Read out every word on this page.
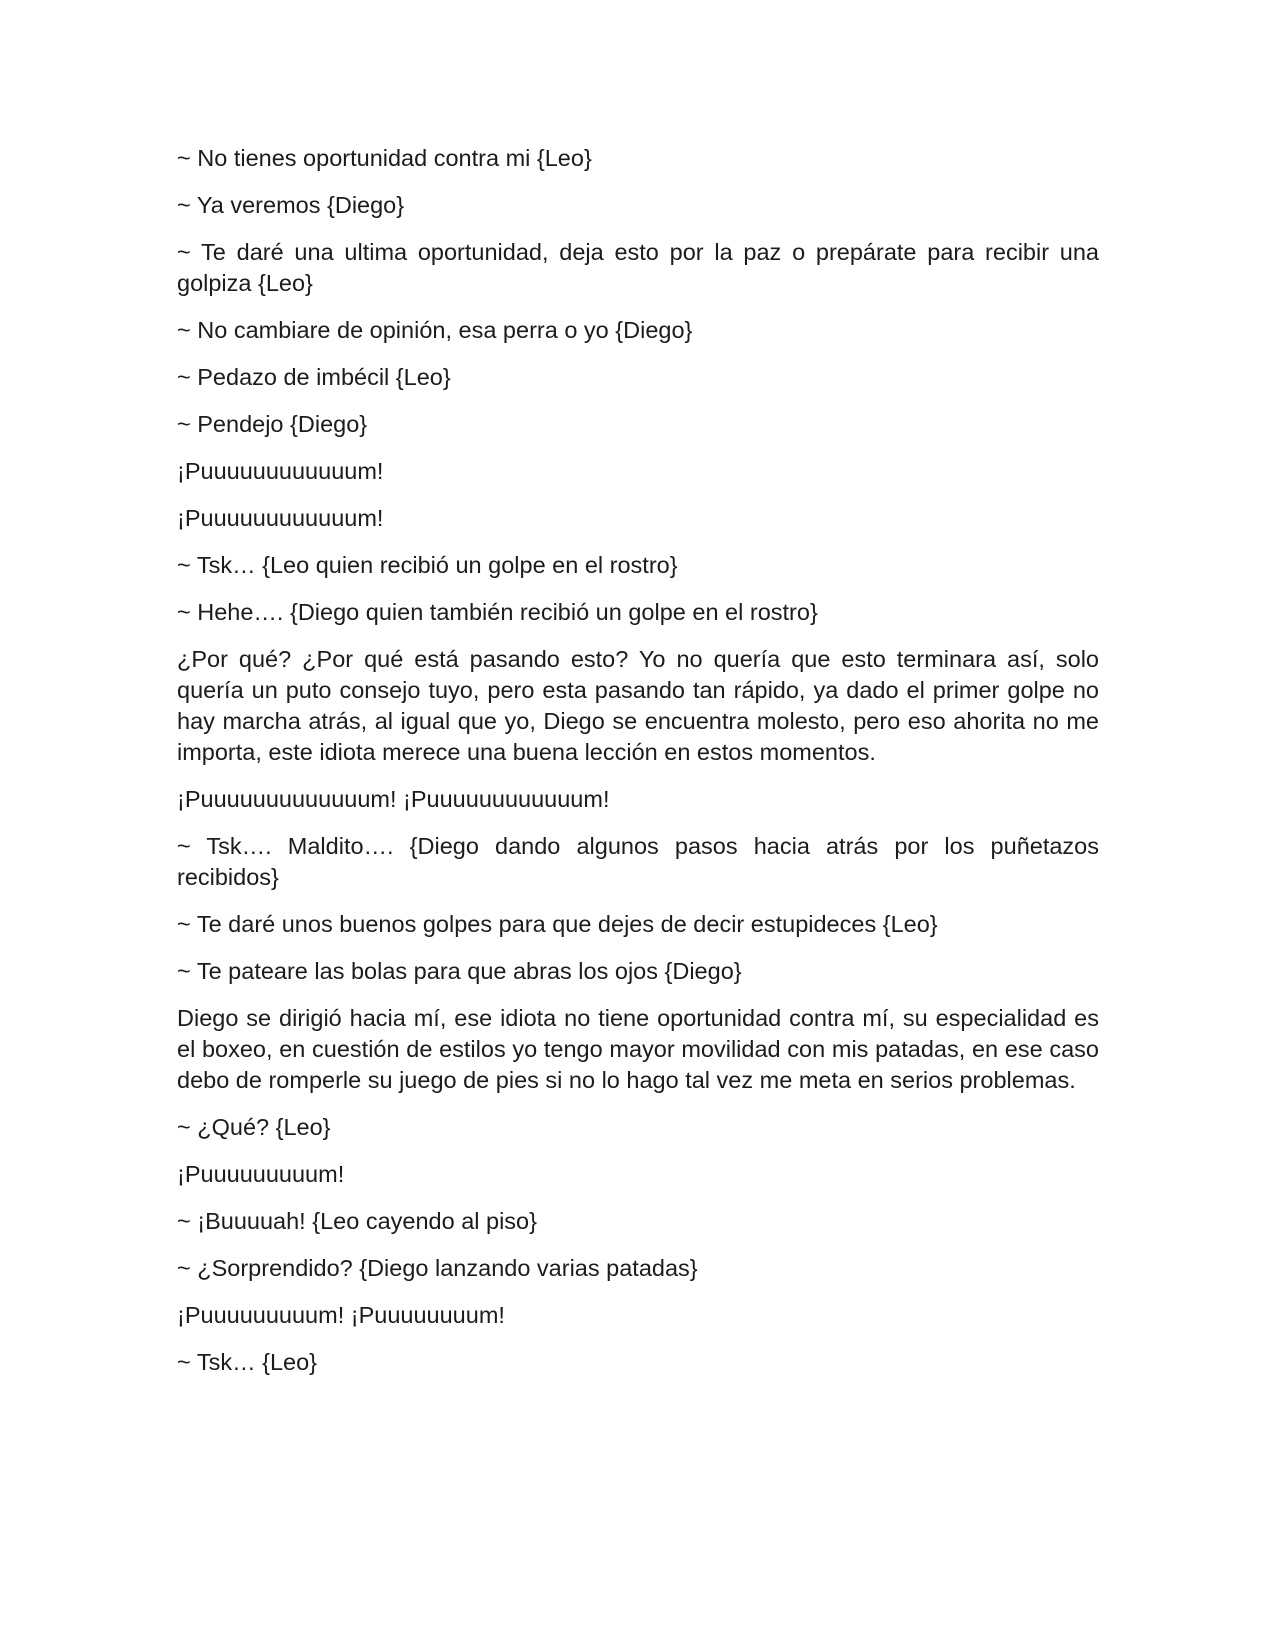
~ No tienes oportunidad contra mi {Leo}

~ Ya veremos {Diego}

~ Te daré una ultima oportunidad, deja esto por la paz o prepárate para recibir una golpiza {Leo}

~ No cambiare de opinión, esa perra o yo {Diego}

~ Pedazo de imbécil {Leo}

~ Pendejo {Diego}

¡Puuuuuuuuuuuum!

¡Puuuuuuuuuuuum!

~ Tsk… {Leo quien recibió un golpe en el rostro}

~ Hehe…. {Diego quien también recibió un golpe en el rostro}

¿Por qué? ¿Por qué está pasando esto? Yo no quería que esto terminara así, solo quería un puto consejo tuyo, pero esta pasando tan rápido, ya dado el primer golpe no hay marcha atrás, al igual que yo, Diego se encuentra molesto, pero eso ahorita no me importa, este idiota merece una buena lección en estos momentos.

¡Puuuuuuuuuuuuum! ¡Puuuuuuuuuuuum!

~ Tsk…. Maldito…. {Diego dando algunos pasos hacia atrás por los puñetazos recibidos}

~ Te daré unos buenos golpes para que dejes de decir estupideces {Leo}

~ Te pateare las bolas para que abras los ojos {Diego}

Diego se dirigió hacia mí, ese idiota no tiene oportunidad contra mí, su especialidad es el boxeo, en cuestión de estilos yo tengo mayor movilidad con mis patadas, en ese caso debo de romperle su juego de pies si no lo hago tal vez me meta en serios problemas.

~ ¿Qué? {Leo}

¡Puuuuuuuuum!

~ ¡Buuuuah! {Leo cayendo al piso}

~ ¿Sorprendido? {Diego lanzando varias patadas}

¡Puuuuuuuuum! ¡Puuuuuuuum!

~ Tsk… {Leo}
